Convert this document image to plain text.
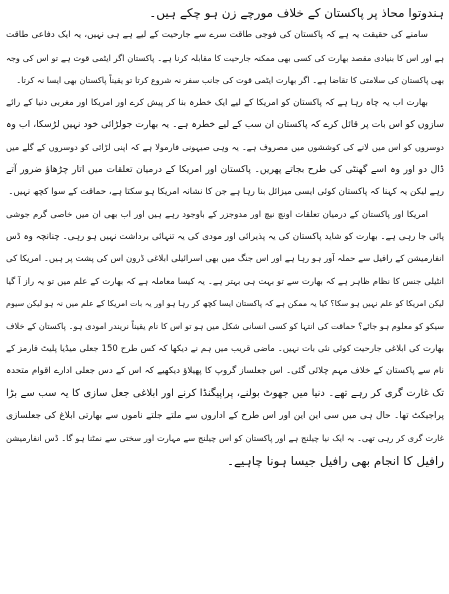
ہندوتوا محاذ پر پاکستان کے خلاف مورچے زن ہو چکے ہیں۔
سامنے کی حقیقت یہ ہے کہ پاکستان کی فوجی طاقت سرے سے جارحیت کے لیے ہے ہی نہیں، یہ ایک دفاعی طاقت
ہے اور اس کا بنیادی مقصد بھارت کی کسی بھی ممکنہ جارحیت کا مقابلہ کرنا ہے۔ پاکستان اگر ایٹمی قوت ہے تو اس کی وجہ
بھی پاکستان کی سلامتی کا تقاضا ہے۔ اگر بھارت ایٹمی قوت کی جانب سفر نہ شروع کرتا تو یقیناً پاکستان بھی ایسا نہ کرتا۔
بھارت اب یہ چاہ رہا ہے کہ پاکستان کو امریکا کے لیے ایک خطرہ بنا کر پیش کرے اور امریکا اور مغربی دنیا کے رائے
سازوں کو اس بات پر قائل کرے کہ پاکستان ان سب کے لیے خطرہ ہے۔ یہ بھارت جولڑائی خود نہیں لڑسکا، اب وہ
دوسروں کو اس میں لانے کی کوششوں میں مصروف ہے۔ یہ وہی صیہونی فارمولا ہے کہ اپنی لڑائی کو دوسروں کے گلے میں
ڈال دو اور وہ اسے گھنٹی کی طرح بجاتے پھریں۔ پاکستان اور امریکا کے درمیان تعلقات میں اتار چڑھاؤ ضرور آتے
رہے لیکن یہ کہنا کہ پاکستان کوئی ایسی میزائل بنا رہا ہے جن کا نشانہ امریکا ہو سکتا ہے، حماقت کے سوا کچھ نہیں۔
امریکا اور پاکستان کے درمیان تعلقات اونچ نیچ اور مدوجزر کے باوجود رہے ہیں اور اب بھی ان میں خاصی گرم جوشی
پائی جا رہی ہے۔ بھارت کو شاید پاکستان کی یہ پذیرائی اور مودی کی یہ تنہائی برداشت نہیں ہو رہی۔ چنانچہ وہ ڈس
انفارمیشن کے رافیل سے حملہ آور ہو رہا ہے اور اس جنگ میں بھی اسرائیلی ابلاغی ڈرون اس کی پشت پر ہیں۔ امریکا کی
انٹیلی جنس کا نظام ظاہر ہے کہ بھارت سے تو بہت ہی بہتر ہے۔ یہ کیسا معاملہ ہے کہ بھارت کے علم میں تو یہ راز آ گیا
لیکن امریکا کو علم نہیں ہو سکا؟ کیا یہ ممکن ہے کہ پاکستان ایسا کچھ کر رہا ہو اور یہ بات امریکا کے علم میں نہ ہو لیکن سیوم
سیکو کو معلوم ہو جائے؟ حماقت کی انتہا کو کسی انسانی شکل میں ہو تو اس کا نام یقیناً نریندر امودی ہو۔ پاکستان کے خلاف
بھارت کی ابلاغی جارحیت کوئی نئی بات نہیں۔ ماضی قریب میں ہم نے دیکھا کہ کس طرح 150 جعلی میڈیا پلیٹ فارمز کے
نام سے پاکستان کے خلاف مہم چلائی گئی۔ اس جعلساز گروپ کا پھیلاؤ دیکھیے کہ اس کے دس جعلی ادارے اقوام متحدہ
تک غارت گری کر رہے تھے۔ دنیا میں جھوٹ بولنے، پراپیگنڈا کرنے اور ابلاغی جعل سازی کا یہ سب سے بڑا
پراجیکٹ تھا۔ حال ہی میں سی این این اور اس طرح کے اداروں سے ملتے جلتے ناموں سے بھارتی ابلاغ کی جعلسازی
غارت گری کر رہی تھی۔ یہ ایک نیا چیلنج ہے اور پاکستان کو اس چیلنج سے مہارت اور سختی سے نمٹنا ہو گا۔ ڈس انفارمیشن
رافیل کا انجام بھی رافیل جیسا ہونا چاہیے۔
